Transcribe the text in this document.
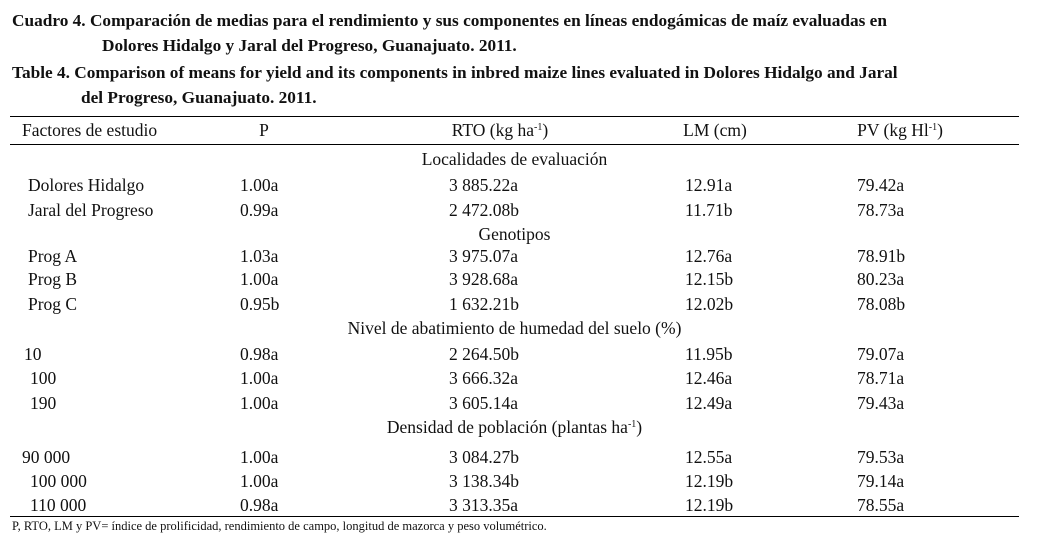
Cuadro 4. Comparación de medias para el rendimiento y sus componentes en líneas endogámicas de maíz evaluadas en
Dolores Hidalgo y Jaral del Progreso, Guanajuato. 2011.
Table 4. Comparison of means for yield and its components in inbred maize lines evaluated in Dolores Hidalgo and Jaral
del Progreso, Guanajuato. 2011.
Factores de estudio	P	RTO (kg $ha^{-1}$)	LM (cm)	PV (kg $Hl^{-1}$)
Localidades de evaluación
Dolores Hidalgo	1.00a	3 885.22a	12.91a	79.42a
Jaral del Progreso	0.99a	2 472.08b	11.71b	78.73a
Genotipos
Prog A	1.03a	3 975.07a	12.76a	78.91b
Prog B	1.00a	3 928.68a	12.15b	80.23a
Prog C	0.95b	1 632.21b	12.02b	78.08b
Nivel de abatimiento de humedad del suelo (%)
10	0.98a	2 264.50b	11.95b	79.07a
100	1.00a	3 666.32a	12.46a	78.71a
190	1.00a	3 605.14a	12.49a	79.43a
Densidad de población (plantas $ha^{-1}$)
90 000	1.00a	3 084.27b	12.55a	79.53a
100 000	1.00a	3 138.34b	12.19b	79.14a
110 000	0.98a	3 313.35a	12.19b	78.55a
P, RTO, LM y PV= índice de prolificidad, rendimiento de campo, longitud de mazorca y peso volumétrico.
